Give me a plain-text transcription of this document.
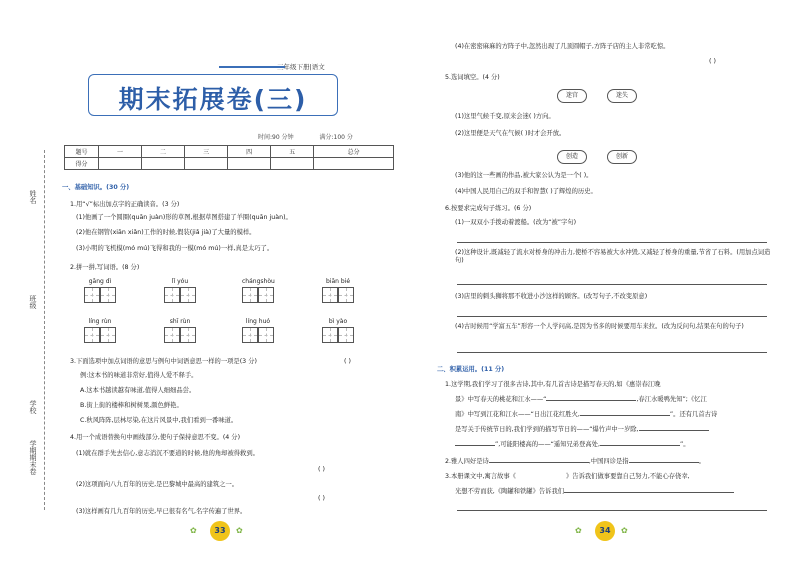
姓名
班级
学校
学期期末卷
三年级下册|语文
期末拓展卷(三)
时间:90 分钟	满分:100 分
题号	一	二	三	四	五	总分
得分						
一、基础知识。(30 分)
1.用“√”标出加点字的正确读音。(3 分)
(1)他画了一个圆圈(quān juàn)形的草图,根据草图搭建了羊圈(quān juàn)。
(2)他在钢管(xiān xiǎn)工作的时候,假装(jiǎ jià)了大量的模样。
(3)小明的飞机模(mó mú)飞得和我的一模(mó mú)一样,真是太巧了。
2.拼一拼,写词语。(8 分)
gāng dì	lǐ yóu	chángshòu	biān bié
líng rùn	shī rùn	líng huó	bì yào
3.下面选项中加点词语的意思与例句中词语意思一样的一项是(3 分)	( )
例:这本书的味道非常好,值得人爱不释手。
A.这本书越读越有味道,值得人细细品尝。
B.街上街的楼棒和树树果,颜色鲜艳。
C.秋风阵阵,层林尽染,在这片风景中,我们看到一番味道。
4.用一个成语替换句中画线部分,使句子保持意思不变。(4 分)
(1)就在群手先去信心,意志消沉不要道的时候,他的角却被得救到。
( )
(2)这项面向八九百年的历史,是巴黎城中最高的建筑之一。
( )
(3)这样画有几九百年的历史,早已很有名气,名字传遍了世界。
✿	33	✿
(4)在密密麻麻的方阵子中,忽然出现了几顶圆帽子,方阵子店的主人非常吃惊。
( )
5.选词填空。(4 分)
迷宫	迷失
(1)这里气候千变,原来会迷( )方向。
(2)这里便是天气在气候( )时才会开放。
创造	创新
(3)他的这一些画的作品,被大家公认为是一个( )。
(4)中国人民用自己的双手和智慧( )了辉煌的历史。
6.按要求完成句子练习。(6 分)
(1)一双双小手拨动着渡船。(改为“被”字句)
(2)这种设计,既减轻了流水对桥身的冲击力,使桥不容易被大水冲毁,又减轻了桥身的重量,节省了石料。(用加点词造句)
(3)店里的刺头狮将那不收进小沙这样的顾客。(改写句子,不改变原意)
(4)古时候用“学富五车”形容一个人学问高,是因为书多的时候要用车来拉。(改为反问句,结果在句的句子)
二、积累运用。(11 分)
1.这学期,我们学习了很多古诗,其中,有几首古诗是描写春天的,如《惠崇春江晚
景》中写春天的桃花和江水——“	,春江水暖鸭先知”;《忆江
南》中写到江花和江水——“日出江花红胜火,	”。还有几首古诗
是写关于传统节日的,我们学到的描写节日的——“爆竹声中一岁除,
”,可能阳楼高的——“遥知兄弟登高处,	”。
2.雅人四好是诗	,中国四诊是指	。
3.本册课文中,寓言故事《	》告诉我们做事要靠自己努力,不能心存侥幸,
光想不劳而获,《陶罐和铁罐》告诉我们
✿	34	✿
